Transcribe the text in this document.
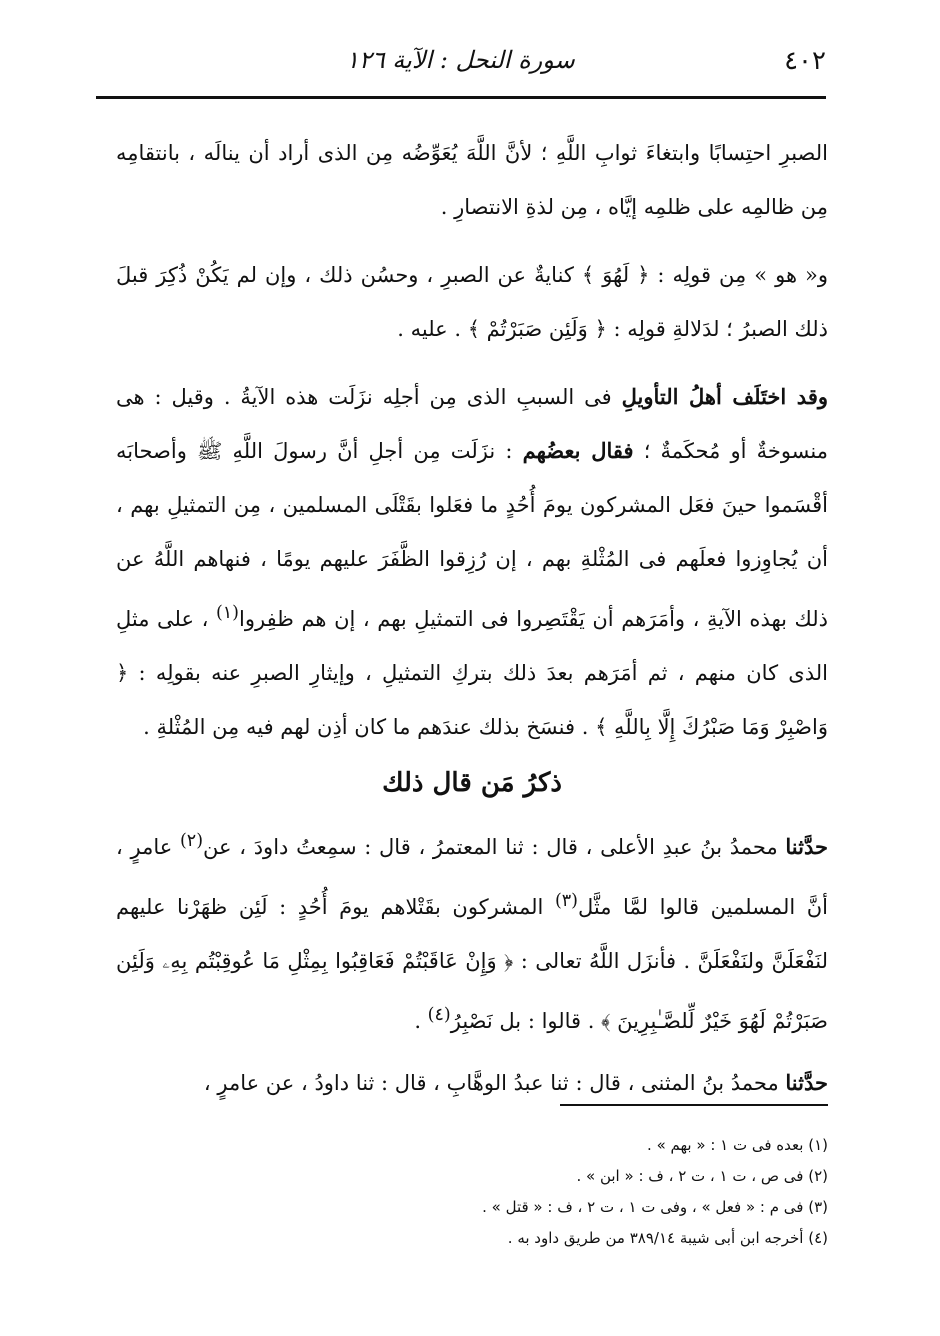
٤٠٢
سورة النحل : الآية ١٢٦

الصبرِ احتِسابًا وابتغاءَ ثوابِ اللَّهِ ؛ لأنَّ اللَّهَ يُعَوِّضُه مِن الذى أراد أن ينالَه ، بانتقامِه مِن ظالمِه على ظلمِه إيَّاه ، مِن لذةِ الانتصارِ .

و« هو » مِن قولِه : ﴿ لَهُوَ ﴾ كنايةٌ عن الصبرِ ، وحسُن ذلك ، وإن لم يَكُنْ ذُكِرَ قبلَ ذلك الصبرُ ؛ لدَلالةِ قولِه : ﴿ وَلَئِن صَبَرْتُمْ ﴾ . عليه .

وقد اختَلَف أهلُ التأويلِ فى السببِ الذى مِن أجلِه نزَلَت هذه الآيةُ . وقيل : هى منسوخةٌ أو مُحكَمةٌ ؛ فقال بعضُهم : نزَلَت مِن أجلِ أنَّ رسولَ اللَّهِ ﷺ وأصحابَه أقْسَموا حينَ فعَل المشركون يومَ أُحُدٍ ما فعَلوا بقَتْلَى المسلمين ، مِن التمثيلِ بهم ، أن يُجاوِزوا فعلَهم فى المُثْلةِ بهم ، إن رُزِقوا الظَّفَرَ عليهم يومًا ، فنهاهم اللَّهُ عن ذلك بهذه الآيةِ ، وأمَرَهم أن يَقْتَصِروا فى التمثيلِ بهم ، إن هم ظفِروا$^{(١)}$ ، على مثلِ الذى كان منهم ، ثم أمَرَهم بعدَ ذلك بتركِ التمثيلِ ، وإيثارِ الصبرِ عنه بقولِه : ﴿ وَاصْبِرْ وَمَا صَبْرُكَ إِلَّا بِاللَّهِ ﴾ . فنسَخ بذلك عندَهم ما كان أذِن لهم فيه مِن المُثْلةِ .

ذكرُ مَن قال ذلك

حدَّثنا محمدُ بنُ عبدِ الأعلى ، قال : ثنا المعتمرُ ، قال : سمِعتُ داودَ ، عن$^{(٢)}$ عامرٍ ، أنَّ المسلمين قالوا لمَّا مثَّل$^{(٣)}$ المشركون بقَتْلاهم يومَ أُحُدٍ : لَئِن ظهَرْنا عليهم لنَفْعَلَنَّ ولنَفْعَلَنَّ . فأنزَل اللَّهُ تعالى : ﴿ وَإِنْ عَاقَبْتُمْ فَعَاقِبُوا بِمِثْلِ مَا عُوقِبْتُم بِهِۦ وَلَئِن صَبَرْتُمْ لَهُوَ خَيْرٌ لِّلصَّـٰبِرِينَ ﴾ . قالوا : بل نَصْبِرُ$^{(٤)}$ .

حدَّثنا محمدُ بنُ المثنى ، قال : ثنا عبدُ الوهَّابِ ، قال : ثنا داودُ ، عن عامرٍ ،

(١) بعده فى ت ١ : « بهم » .

(٢) فى ص ، ت ١ ، ت ٢ ، ف : « ابن » .

(٣) فى م : « فعل » ، وفى ت ١ ، ت ٢ ، ف : « قتل » .

(٤) أخرجه ابن أبى شيبة ٣٨٩/١٤ من طريق داود به .
